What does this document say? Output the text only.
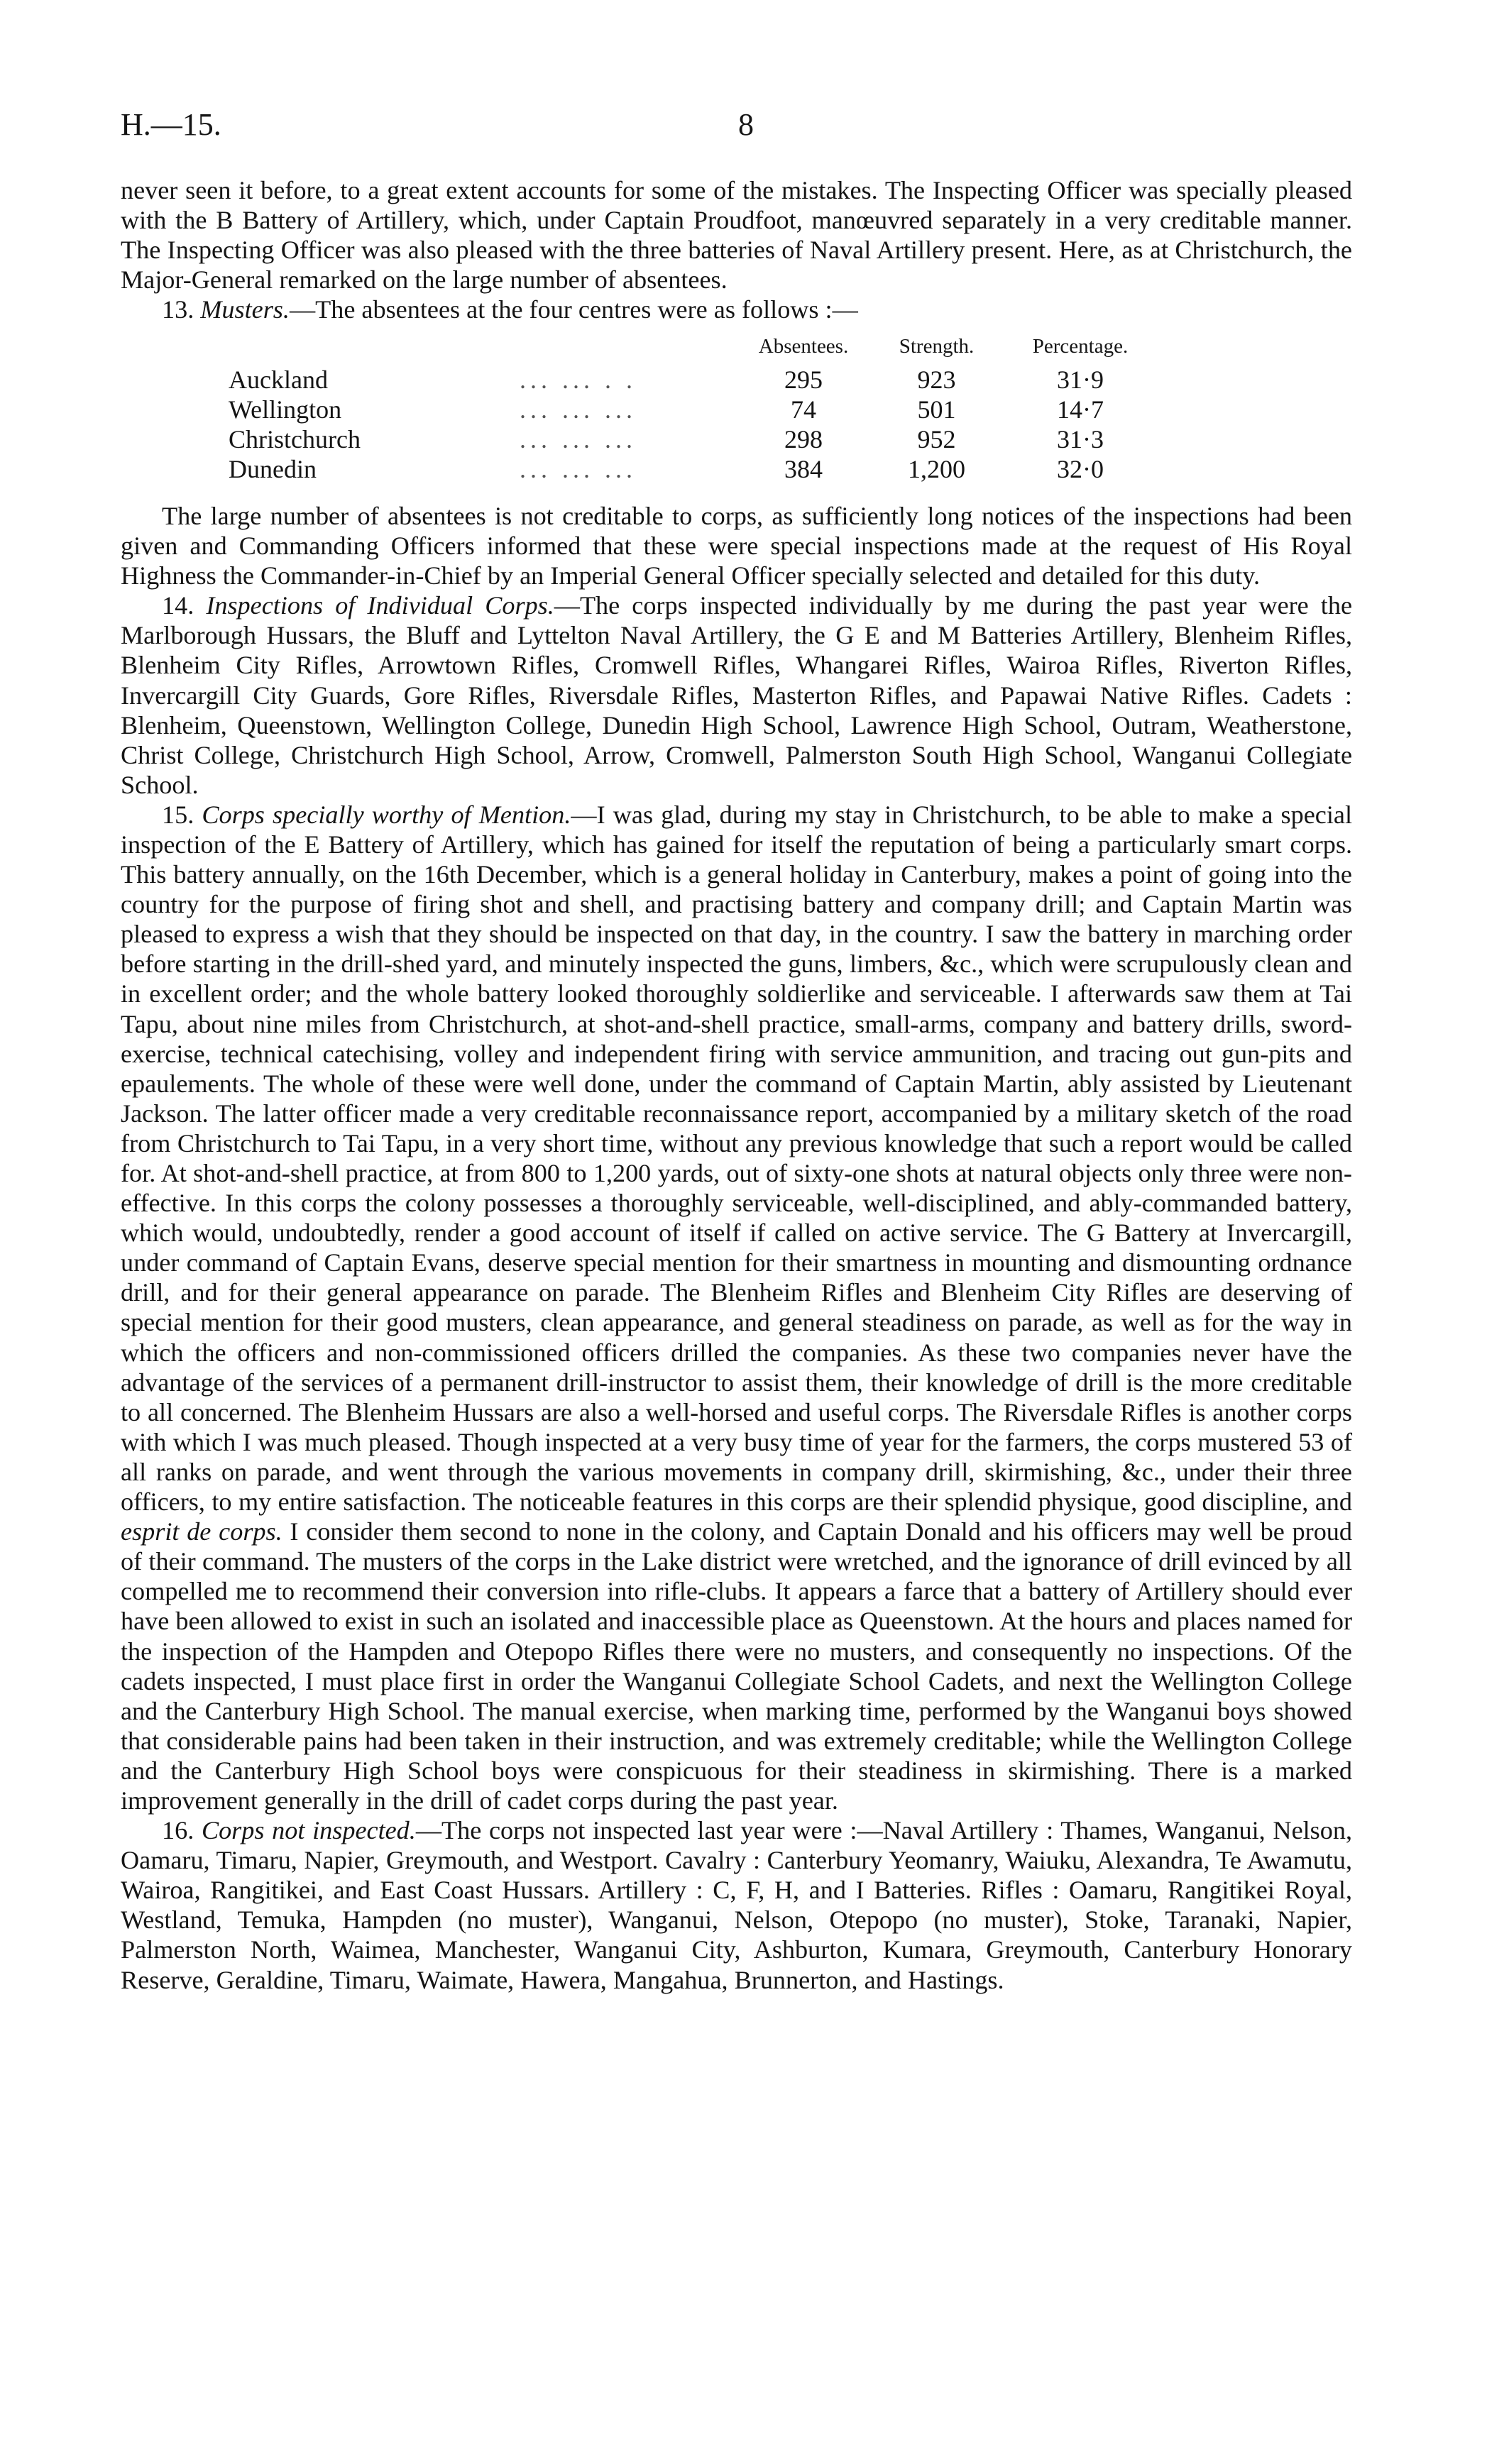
H.—15.	8

never seen it before, to a great extent accounts for some of the mistakes. The Inspecting Officer was specially pleased with the B Battery of Artillery, which, under Captain Proudfoot, manœuvred separately in a very creditable manner. The Inspecting Officer was also pleased with the three batteries of Naval Artillery present. Here, as at Christchurch, the Major-General remarked on the large number of absentees.

13. Musters.—The absentees at the four centres were as follows :—

		Absentees.	Strength.	Percentage.
Auckland	... ... . .	295	923	31·9
Wellington	... ... ...	74	501	14·7
Christchurch	... ... ...	298	952	31·3
Dunedin	... ... ...	384	1,200	32·0

The large number of absentees is not creditable to corps, as sufficiently long notices of the inspections had been given and Commanding Officers informed that these were special inspections made at the request of His Royal Highness the Commander-in-Chief by an Imperial General Officer specially selected and detailed for this duty.

14. Inspections of Individual Corps.—The corps inspected individually by me during the past year were the Marlborough Hussars, the Bluff and Lyttelton Naval Artillery, the G E and M Batteries Artillery, Blenheim Rifles, Blenheim City Rifles, Arrowtown Rifles, Cromwell Rifles, Whangarei Rifles, Wairoa Rifles, Riverton Rifles, Invercargill City Guards, Gore Rifles, Riversdale Rifles, Masterton Rifles, and Papawai Native Rifles. Cadets : Blenheim, Queenstown, Wellington College, Dunedin High School, Lawrence High School, Outram, Weatherstone, Christ College, Christchurch High School, Arrow, Cromwell, Palmerston South High School, Wanganui Collegiate School.

15. Corps specially worthy of Mention.—I was glad, during my stay in Christchurch, to be able to make a special inspection of the E Battery of Artillery, which has gained for itself the reputation of being a particularly smart corps. This battery annually, on the 16th December, which is a general holiday in Canterbury, makes a point of going into the country for the purpose of firing shot and shell, and practising battery and company drill; and Captain Martin was pleased to express a wish that they should be inspected on that day, in the country. I saw the battery in marching order before starting in the drill-shed yard, and minutely inspected the guns, limbers, &c., which were scrupulously clean and in excellent order; and the whole battery looked thoroughly soldierlike and serviceable. I afterwards saw them at Tai Tapu, about nine miles from Christchurch, at shot-and-shell practice, small-arms, company and battery drills, sword-exercise, technical catechising, volley and independent firing with service ammunition, and tracing out gun-pits and epaulements. The whole of these were well done, under the command of Captain Martin, ably assisted by Lieutenant Jackson. The latter officer made a very creditable reconnaissance report, accompanied by a military sketch of the road from Christchurch to Tai Tapu, in a very short time, without any previous knowledge that such a report would be called for. At shot-and-shell practice, at from 800 to 1,200 yards, out of sixty-one shots at natural objects only three were non-effective. In this corps the colony possesses a thoroughly serviceable, well-disciplined, and ably-commanded battery, which would, undoubtedly, render a good account of itself if called on active service. The G Battery at Invercargill, under command of Captain Evans, deserve special mention for their smartness in mounting and dismounting ordnance drill, and for their general appearance on parade. The Blenheim Rifles and Blenheim City Rifles are deserving of special mention for their good musters, clean appearance, and general steadiness on parade, as well as for the way in which the officers and non-commissioned officers drilled the companies. As these two companies never have the advantage of the services of a permanent drill-instructor to assist them, their knowledge of drill is the more creditable to all concerned. The Blenheim Hussars are also a well-horsed and useful corps. The Riversdale Rifles is another corps with which I was much pleased. Though inspected at a very busy time of year for the farmers, the corps mustered 53 of all ranks on parade, and went through the various movements in company drill, skirmishing, &c., under their three officers, to my entire satisfaction. The noticeable features in this corps are their splendid physique, good discipline, and esprit de corps. I consider them second to none in the colony, and Captain Donald and his officers may well be proud of their command. The musters of the corps in the Lake district were wretched, and the ignorance of drill evinced by all compelled me to recommend their conversion into rifle-clubs. It appears a farce that a battery of Artillery should ever have been allowed to exist in such an isolated and inaccessible place as Queenstown. At the hours and places named for the inspection of the Hampden and Otepopo Rifles there were no musters, and consequently no inspections. Of the cadets inspected, I must place first in order the Wanganui Collegiate School Cadets, and next the Wellington College and the Canterbury High School. The manual exercise, when marking time, performed by the Wanganui boys showed that considerable pains had been taken in their instruction, and was extremely creditable; while the Wellington College and the Canterbury High School boys were conspicuous for their steadiness in skirmishing. There is a marked improvement generally in the drill of cadet corps during the past year.

16. Corps not inspected.—The corps not inspected last year were :—Naval Artillery : Thames, Wanganui, Nelson, Oamaru, Timaru, Napier, Greymouth, and Westport. Cavalry : Canterbury Yeomanry, Waiuku, Alexandra, Te Awamutu, Wairoa, Rangitikei, and East Coast Hussars. Artillery : C, F, H, and I Batteries. Rifles : Oamaru, Rangitikei Royal, Westland, Temuka, Hampden (no muster), Wanganui, Nelson, Otepopo (no muster), Stoke, Taranaki, Napier, Palmerston North, Waimea, Manchester, Wanganui City, Ashburton, Kumara, Greymouth, Canterbury Honorary Reserve, Geraldine, Timaru, Waimate, Hawera, Mangahua, Brunnerton, and Hastings.
